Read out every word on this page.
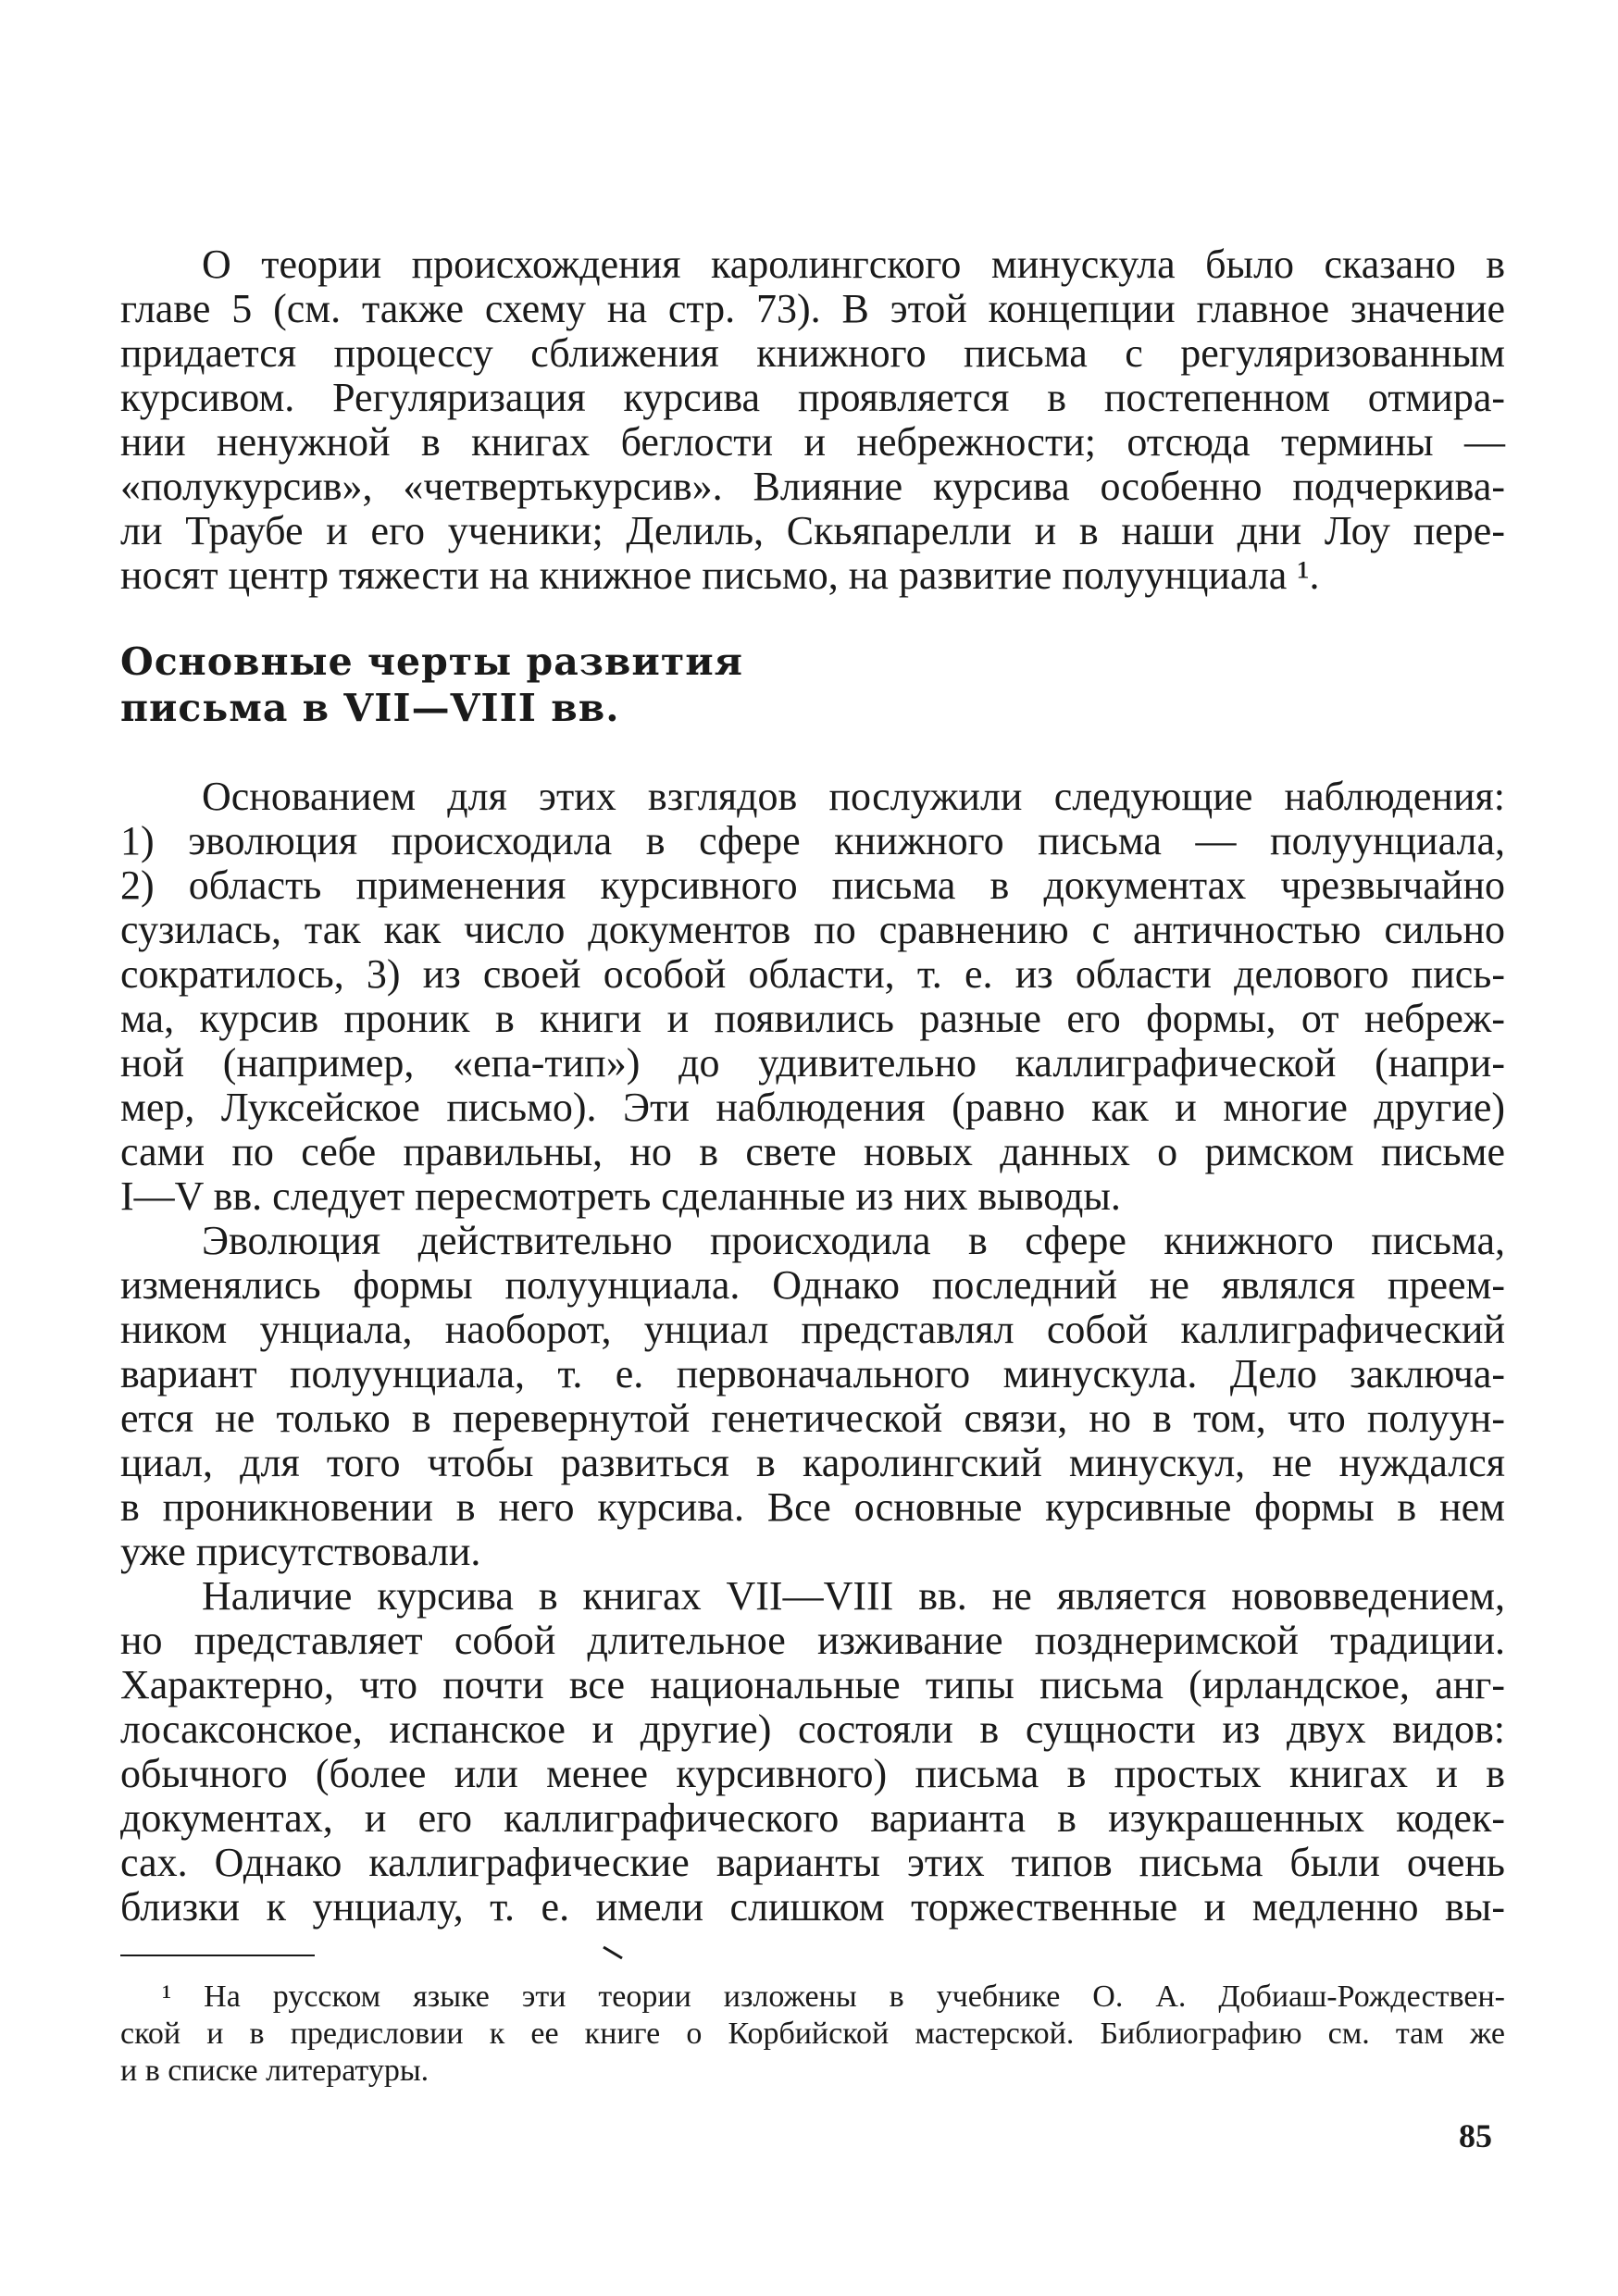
О теории происхождения каролингского минускула было сказано в
главе 5 (см. также схему на стр. 73). В этой концепции главное значение
придается процессу сближения книжного письма с регуляризованным
курсивом. Регуляризация курсива проявляется в постепенном отмира-
нии ненужной в книгах беглости и небрежности; отсюда термины —
«полукурсив», «четвертькурсив». Влияние курсива особенно подчеркива-
ли Траубе и его ученики; Делиль, Скьяпарелли и в наши дни Лоу пере-
носят центр тяжести на книжное письмо, на развитие полуунциала ¹.
Основные черты развития
письма в VII—VIII вв.
Основанием для этих взглядов послужили следующие наблюдения:
1) эволюция происходила в сфере книжного письма — полуунциала,
2) область применения курсивного письма в документах чрезвычайно
сузилась, так как число документов по сравнению с античностью сильно
сократилось, 3) из своей особой области, т. е. из области делового пись-
ма, курсив проник в книги и появились разные его формы, от небреж-
ной (например, «епа-тип») до удивительно каллиграфической (напри-
мер, Луксейское письмо). Эти наблюдения (равно как и многие другие)
сами по себе правильны, но в свете новых данных о римском письме
I—V вв. следует пересмотреть сделанные из них выводы.
Эволюция действительно происходила в сфере книжного письма,
изменялись формы полуунциала. Однако последний не являлся преем-
ником унциала, наоборот, унциал представлял собой каллиграфический
вариант полуунциала, т. е. первоначального минускула. Дело заключа-
ется не только в перевернутой генетической связи, но в том, что полуун-
циал, для того чтобы развиться в каролингский минускул, не нуждался
в проникновении в него курсива. Все основные курсивные формы в нем
уже присутствовали.
Наличие курсива в книгах VII—VIII вв. не является нововведением,
но представляет собой длительное изживание позднеримской традиции.
Характерно, что почти все национальные типы письма (ирландское, анг-
лосаксонское, испанское и другие) состояли в сущности из двух видов:
обычного (более или менее курсивного) письма в простых книгах и в
документах, и его каллиграфического варианта в изукрашенных кодек-
сах. Однако каллиграфические варианты этих типов письма были очень
близки к унциалу, т. е. имели слишком торжественные и медленно вы-
¹ На русском языке эти теории изложены в учебнике О. А. Добиаш-Рождествен-
ской и в предисловии к ее книге о Корбийской мастерской. Библиографию см. там же
и в списке литературы.
85
